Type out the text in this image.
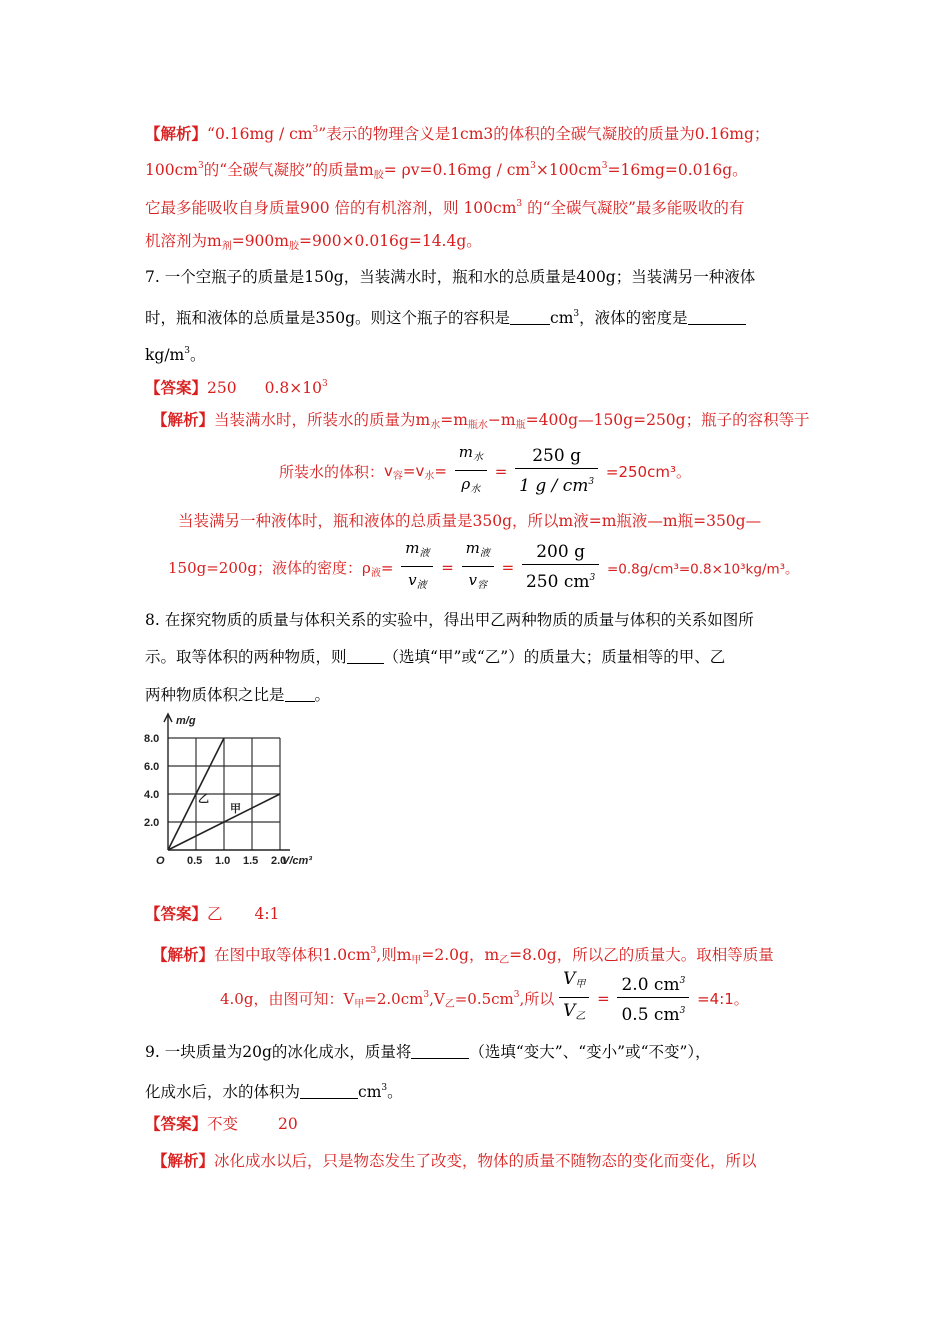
【解析】“$0.16mg / cm^3$”表示的物理含义是1cm3的体积的全碳气凝胶的质量为0.16mg；
$100cm^3$的“全碳气凝胶”的质量$m_胶= \rho v=0.16mg / cm^3\times 100cm^3=16mg=0.016g$。
它最多能吸收自身质量900 倍的有机溶剂，则 $100cm^3$ 的“全碳气凝胶”最多能吸收的有
机溶剂为$m_剂=900m_胶=900\times 0.016g=14.4g$。
7. 一个空瓶子的质量是150g，当装满水时，瓶和水的总质量是400g；当装满另一种液体
时，瓶和液体的总质量是350g。则这个瓶子的容积是	$cm^3$，液体的密度是
$kg/m^3$。
【答案】250 $0.8\times 10^3$
【解析】当装满水时，所装水的质量为$m_水=m_{瓶水}-m_瓶=400g—150g=250g$；瓶子的容积等于
所装水的体积：$v_容=v_水= \frac{m_水}{\rho_水} = \frac{250 g}{1 g / cm^3} =250cm^3$。
当装满另一种液体时，瓶和液体的总质量是350g，所以m液=m瓶液—m瓶=350g—
150g=200g；液体的密度：$\rho_液= \frac{m_液}{v_液} = \frac{m_液}{v_容} = \frac{200 g}{250 cm^3} =0.8g/cm^3=0.8\times 10^3kg/m^3$。
8. 在探究物质的质量与体积关系的实验中，得出甲乙两种物质的质量与体积的关系如图所
示。取等体积的两种物质，则 （选填“甲”或“乙”）的质量大；质量相等的甲、乙
两种物质体积之比是 。
乙
甲
2.0
4.0
6.0
8.0
0.5 1.0 1.5 2.0
O
m/g
V/cm³
【答案】乙 4:1
【解析】在图中取等体积$1.0cm^3$,则$m_甲=2.0g$，$m_乙=8.0g$，所以乙的质量大。取相等质量
4.0g，由图可知：$V_甲=2.0cm^3,V_乙=0.5cm^3$,所以 $\frac{V_甲}{V_乙} = \frac{2.0 cm^3}{0.5 cm^3}$ =4:1。
9. 一块质量为20g的冰化成水，质量将	（选填“变大”、“变小”或“不变”），
化成水后，水的体积为	$cm^3$。
【答案】不变	20
【解析】冰化成水以后，只是物态发生了改变，物体的质量不随物态的变化而变化，所以
